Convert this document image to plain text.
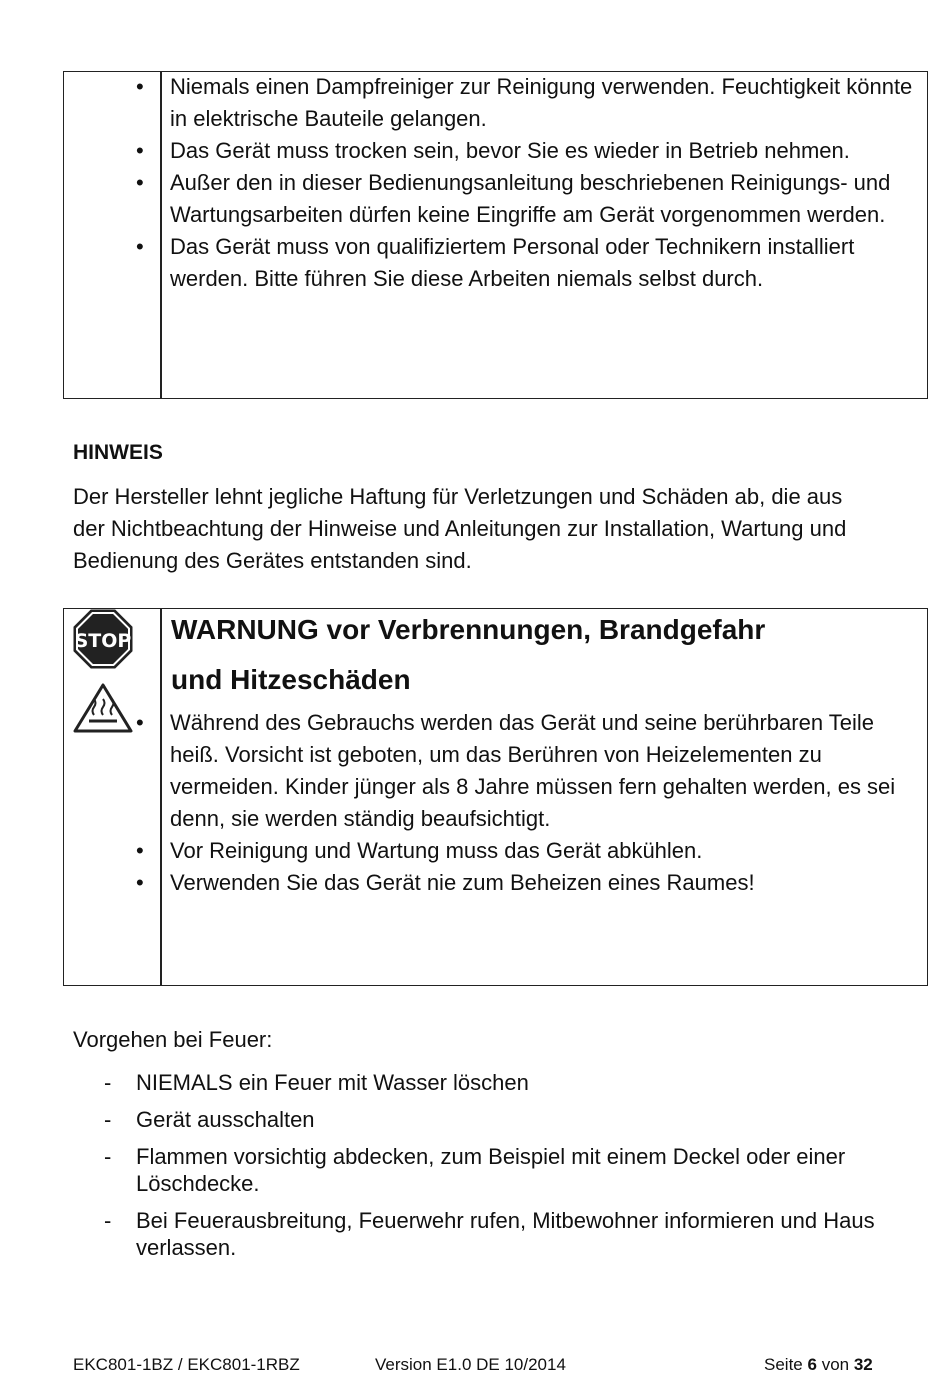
• Niemals einen Dampfreiniger zur Reinigung verwenden. Feuchtigkeit könnte in elektrische Bauteile gelangen.
• Das Gerät muss trocken sein, bevor Sie es wieder in Betrieb nehmen.
• Außer den in dieser Bedienungsanleitung beschriebenen Reinigungs- und Wartungsarbeiten dürfen keine Eingriffe am Gerät vorgenommen werden.
• Das Gerät muss von qualifiziertem Personal oder Technikern installiert werden. Bitte führen Sie diese Arbeiten niemals selbst durch.
HINWEIS
Der Hersteller lehnt jegliche Haftung für Verletzungen und Schäden ab, die aus der Nichtbeachtung der Hinweise und Anleitungen zur Installation, Wartung und Bedienung des Gerätes entstanden sind.
STOP WARNUNG vor Verbrennungen, Brandgefahr
und Hitzeschäden
• Während des Gebrauchs werden das Gerät und seine berührbaren Teile heiß. Vorsicht ist geboten, um das Berühren von Heizelementen zu vermeiden. Kinder jünger als 8 Jahre müssen fern gehalten werden, es sei denn, sie werden ständig beaufsichtigt.
• Vor Reinigung und Wartung muss das Gerät abkühlen.
• Verwenden Sie das Gerät nie zum Beheizen eines Raumes!
Vorgehen bei Feuer:
- NIEMALS ein Feuer mit Wasser löschen
- Gerät ausschalten
- Flammen vorsichtig abdecken, zum Beispiel mit einem Deckel oder einer Löschdecke.
- Bei Feuerausbreitung, Feuerwehr rufen, Mitbewohner informieren und Haus verlassen.
EKC801-1BZ / EKC801-1RBZ	Version E1.0 DE 10/2014	Seite 6 von 32
